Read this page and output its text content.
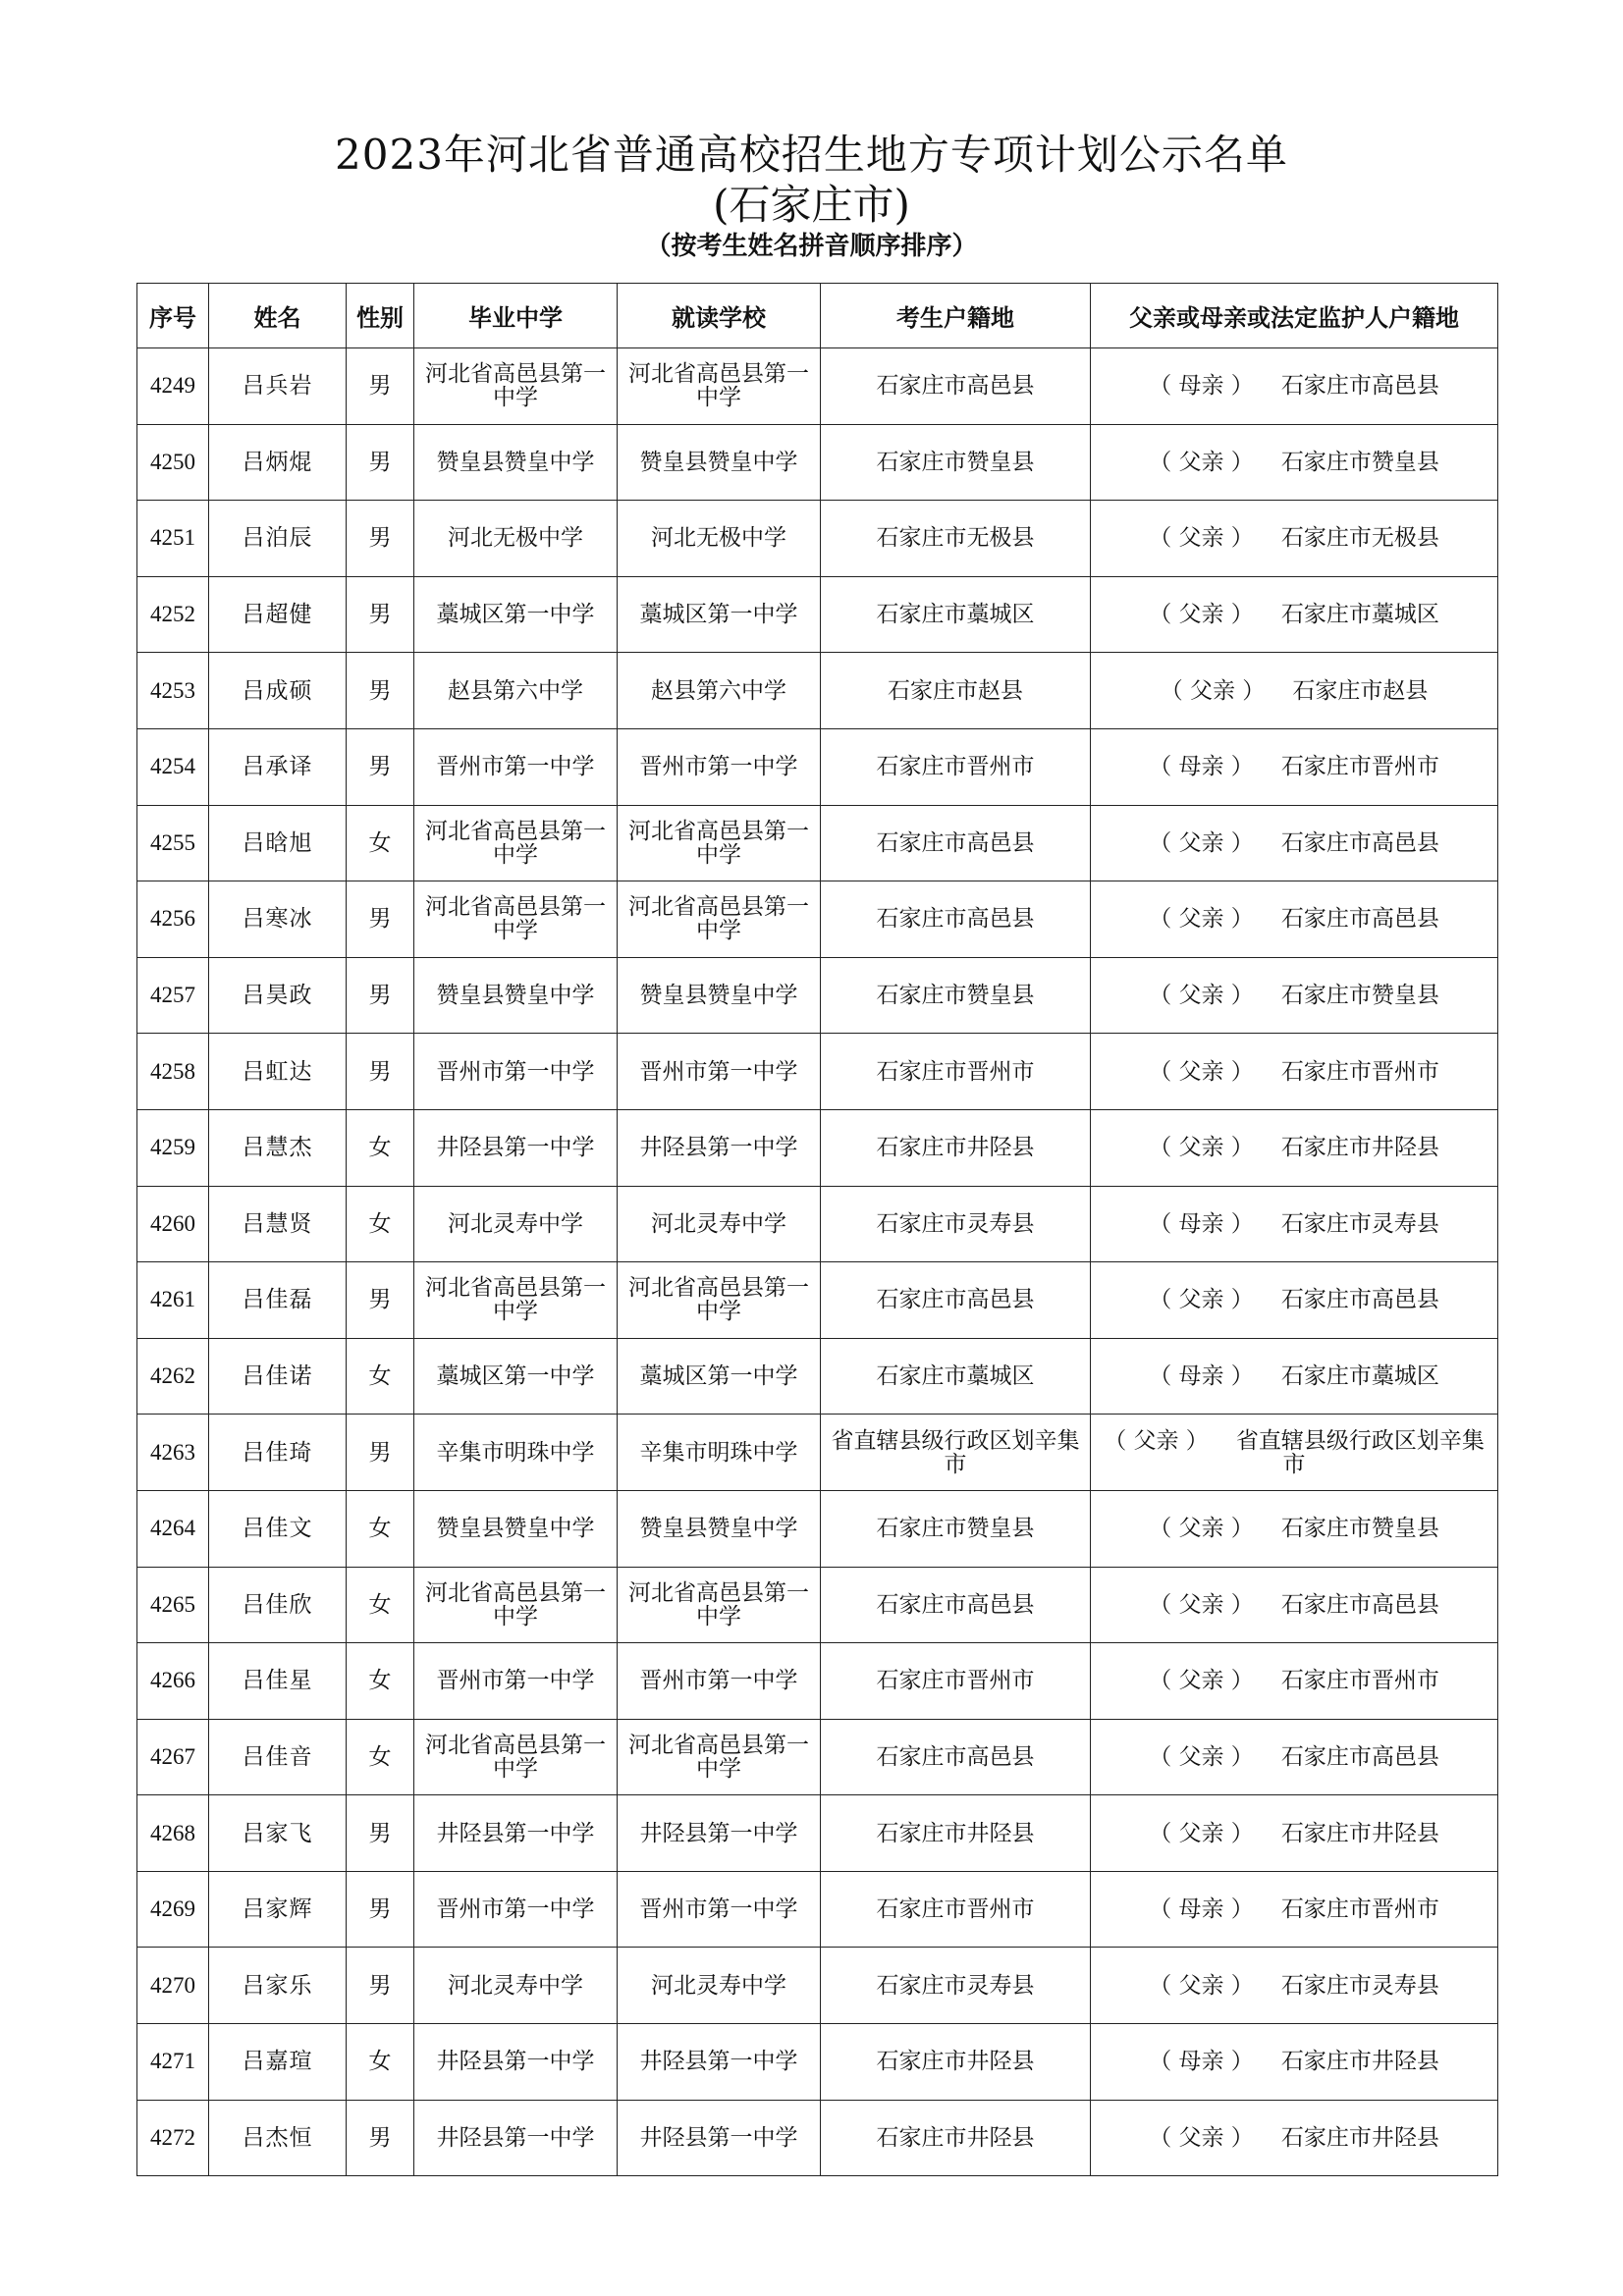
2023年河北省普通高校招生地方专项计划公示名单
(石家庄市)
（按考生姓名拼音顺序排序）
序号	姓名	性别	毕业中学	就读学校	考生户籍地	父亲或母亲或法定监护人户籍地
4249	吕兵岩	男	河北省高邑县第一中学	河北省高邑县第一中学	石家庄市高邑县	（ 母亲 ） 石家庄市高邑县
4250	吕炳焜	男	赞皇县赞皇中学	赞皇县赞皇中学	石家庄市赞皇县	（ 父亲 ） 石家庄市赞皇县
4251	吕泊辰	男	河北无极中学	河北无极中学	石家庄市无极县	（ 父亲 ） 石家庄市无极县
4252	吕超健	男	藁城区第一中学	藁城区第一中学	石家庄市藁城区	（ 父亲 ） 石家庄市藁城区
4253	吕成硕	男	赵县第六中学	赵县第六中学	石家庄市赵县	（ 父亲 ） 石家庄市赵县
4254	吕承译	男	晋州市第一中学	晋州市第一中学	石家庄市晋州市	（ 母亲 ） 石家庄市晋州市
4255	吕晗旭	女	河北省高邑县第一中学	河北省高邑县第一中学	石家庄市高邑县	（ 父亲 ） 石家庄市高邑县
4256	吕寒冰	男	河北省高邑县第一中学	河北省高邑县第一中学	石家庄市高邑县	（ 父亲 ） 石家庄市高邑县
4257	吕昊政	男	赞皇县赞皇中学	赞皇县赞皇中学	石家庄市赞皇县	（ 父亲 ） 石家庄市赞皇县
4258	吕虹达	男	晋州市第一中学	晋州市第一中学	石家庄市晋州市	（ 父亲 ） 石家庄市晋州市
4259	吕慧杰	女	井陉县第一中学	井陉县第一中学	石家庄市井陉县	（ 父亲 ） 石家庄市井陉县
4260	吕慧贤	女	河北灵寿中学	河北灵寿中学	石家庄市灵寿县	（ 母亲 ） 石家庄市灵寿县
4261	吕佳磊	男	河北省高邑县第一中学	河北省高邑县第一中学	石家庄市高邑县	（ 父亲 ） 石家庄市高邑县
4262	吕佳诺	女	藁城区第一中学	藁城区第一中学	石家庄市藁城区	（ 母亲 ） 石家庄市藁城区
4263	吕佳琦	男	辛集市明珠中学	辛集市明珠中学	省直辖县级行政区划辛集市	（ 父亲 ） 省直辖县级行政区划辛集市
4264	吕佳文	女	赞皇县赞皇中学	赞皇县赞皇中学	石家庄市赞皇县	（ 父亲 ） 石家庄市赞皇县
4265	吕佳欣	女	河北省高邑县第一中学	河北省高邑县第一中学	石家庄市高邑县	（ 父亲 ） 石家庄市高邑县
4266	吕佳星	女	晋州市第一中学	晋州市第一中学	石家庄市晋州市	（ 父亲 ） 石家庄市晋州市
4267	吕佳音	女	河北省高邑县第一中学	河北省高邑县第一中学	石家庄市高邑县	（ 父亲 ） 石家庄市高邑县
4268	吕家飞	男	井陉县第一中学	井陉县第一中学	石家庄市井陉县	（ 父亲 ） 石家庄市井陉县
4269	吕家辉	男	晋州市第一中学	晋州市第一中学	石家庄市晋州市	（ 母亲 ） 石家庄市晋州市
4270	吕家乐	男	河北灵寿中学	河北灵寿中学	石家庄市灵寿县	（ 父亲 ） 石家庄市灵寿县
4271	吕嘉瑄	女	井陉县第一中学	井陉县第一中学	石家庄市井陉县	（ 母亲 ） 石家庄市井陉县
4272	吕杰恒	男	井陉县第一中学	井陉县第一中学	石家庄市井陉县	（ 父亲 ） 石家庄市井陉县
